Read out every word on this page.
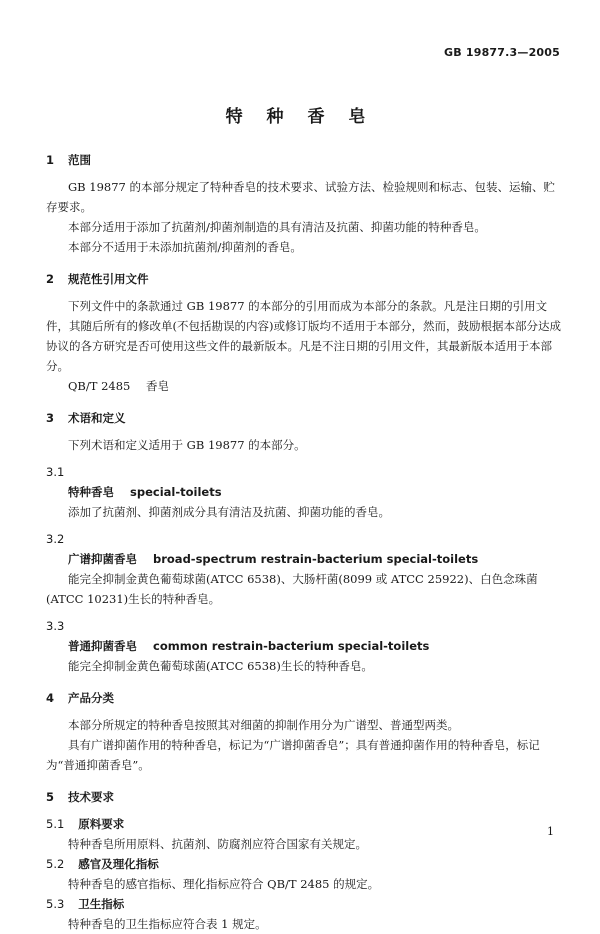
GB 19877.3—2005
特 种 香 皂
1 范围

GB 19877 的本部分规定了特种香皂的技术要求、试验方法、检验规则和标志、包装、运输、贮存要求。

本部分适用于添加了抗菌剂/抑菌剂制造的具有清洁及抗菌、抑菌功能的特种香皂。

本部分不适用于未添加抗菌剂/抑菌剂的香皂。

2 规范性引用文件

下列文件中的条款通过 GB 19877 的本部分的引用而成为本部分的条款。凡是注日期的引用文件，其随后所有的修改单(不包括勘误的内容)或修订版均不适用于本部分，然而，鼓励根据本部分达成协议的各方研究是否可使用这些文件的最新版本。凡是不注日期的引用文件，其最新版本适用于本部分。

QB/T 2485 香皂

3 术语和定义

下列术语和定义适用于 GB 19877 的本部分。

3.1
特种香皂 special-toilets

添加了抗菌剂、抑菌剂成分具有清洁及抗菌、抑菌功能的香皂。

3.2
广谱抑菌香皂 broad-spectrum restrain-bacterium special-toilets

能完全抑制金黄色葡萄球菌(ATCC 6538)、大肠杆菌(8099 或 ATCC 25922)、白色念珠菌(ATCC 10231)生长的特种香皂。

3.3
普通抑菌香皂 common restrain-bacterium special-toilets

能完全抑制金黄色葡萄球菌(ATCC 6538)生长的特种香皂。

4 产品分类

本部分所规定的特种香皂按照其对细菌的抑制作用分为广谱型、普通型两类。

具有广谱抑菌作用的特种香皂，标记为“广谱抑菌香皂”；具有普通抑菌作用的特种香皂，标记为“普通抑菌香皂”。

5 技术要求
5.1 原料要求

特种香皂所用原料、抗菌剂、防腐剂应符合国家有关规定。

5.2 感官及理化指标

特种香皂的感官指标、理化指标应符合 QB/T 2485 的规定。

5.3 卫生指标

特种香皂的卫生指标应符合表 1 规定。

1
